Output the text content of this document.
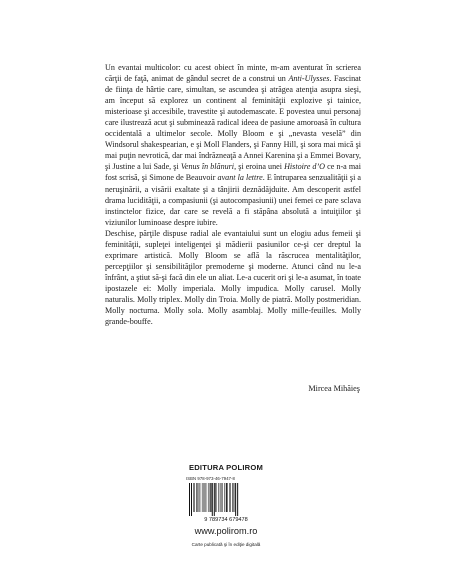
Un evantai multicolor: cu acest obiect în minte, m-am aventurat în scrierea cărţii de faţă, animat de gândul secret de a construi un Anti-Ulysses. Fascinat de fiinţa de hârtie care, simultan, se ascundea şi atrăgea atenţia asupra sieşi, am început să explorez un continent al feminităţii explozive şi tainice, misterioase şi accesibile, travestite şi autodemascate. E povestea unui personaj care ilustrează acut şi subminează radical ideea de pasiune amoroasă în cultura occidentală a ultimelor secole. Molly Bloom e şi „nevasta veselă” din Windsorul shakespearian, e şi Moll Flanders, şi Fanny Hill, şi sora mai mică şi mai puţin nevrotică, dar mai îndrăzneaţă a Annei Karenina şi a Emmei Bovary, şi Justine a lui Sade, şi Venus în blănuri, şi eroina unei Histoire d’O ce n-a mai fost scrisă, şi Simone de Beauvoir avant la lettre. E întruparea senzualităţii şi a neruşinării, a visării exaltate şi a tânjirii deznădăjduite. Am descoperit astfel drama lucidităţii, a compasiunii (şi autocompasiunii) unei femei ce pare sclava instinctelor fizice, dar care se revelă a fi stăpâna absolută a intuiţiilor şi viziunilor luminoase despre iubire.

Deschise, părţile dispuse radial ale evantaiului sunt un elogiu adus femeii şi feminităţii, supleţei inteligenţei şi mădierii pasiunilor ce-şi cer dreptul la exprimare artistică. Molly Bloom se află la răscrucea mentalităţilor, percepţiilor şi sensibilităţilor premoderne şi moderne. Atunci când nu le-a înfrânt, a ştiut să-şi facă din ele un aliat. Le-a cucerit ori şi le-a asumat, în toate ipostazele ei: Molly imperiala. Molly impudica. Molly carusel. Molly naturalis. Molly triplex. Molly din Troia. Molly de piatră. Molly postmeridian. Molly nocturna. Molly sola. Molly asamblaj. Molly mille-feuilles. Molly grande-bouffe.

Mircea Mihăieş
EDITURA POLIROM
ISBN 978-973-46-7947-8
9 789734 679478
www.polirom.ro
Carte publicată şi în ediţie digitală
